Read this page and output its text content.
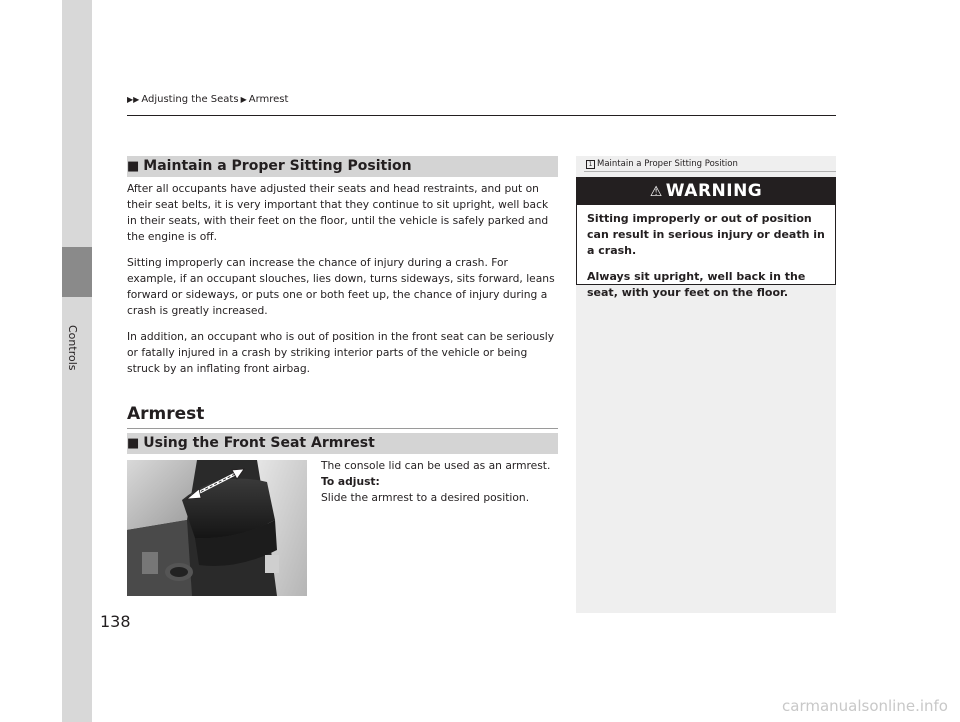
Controls
▶▶ Adjusting the Seats ▶ Armrest
■ Maintain a Proper Sitting Position

After all occupants have adjusted their seats and head restraints, and put on their seat belts, it is very important that they continue to sit upright, well back in their seats, with their feet on the floor, until the vehicle is safely parked and the engine is off.

Sitting improperly can increase the chance of injury during a crash. For example, if an occupant slouches, lies down, turns sideways, sits forward, leans forward or sideways, or puts one or both feet up, the chance of injury during a crash is greatly increased.

In addition, an occupant who is out of position in the front seat can be seriously or fatally injured in a crash by striking interior parts of the vehicle or being struck by an inflating front airbag.

Armrest
■ Using the Front Seat Armrest
The console lid can be used as an armrest.
To adjust:
Slide the armrest to a desired position.
1 Maintain a Proper Sitting Position
⚠ WARNING

Sitting improperly or out of position can result in serious injury or death in a crash.

Always sit upright, well back in the seat, with your feet on the floor.

138
carmanualsonline.info
